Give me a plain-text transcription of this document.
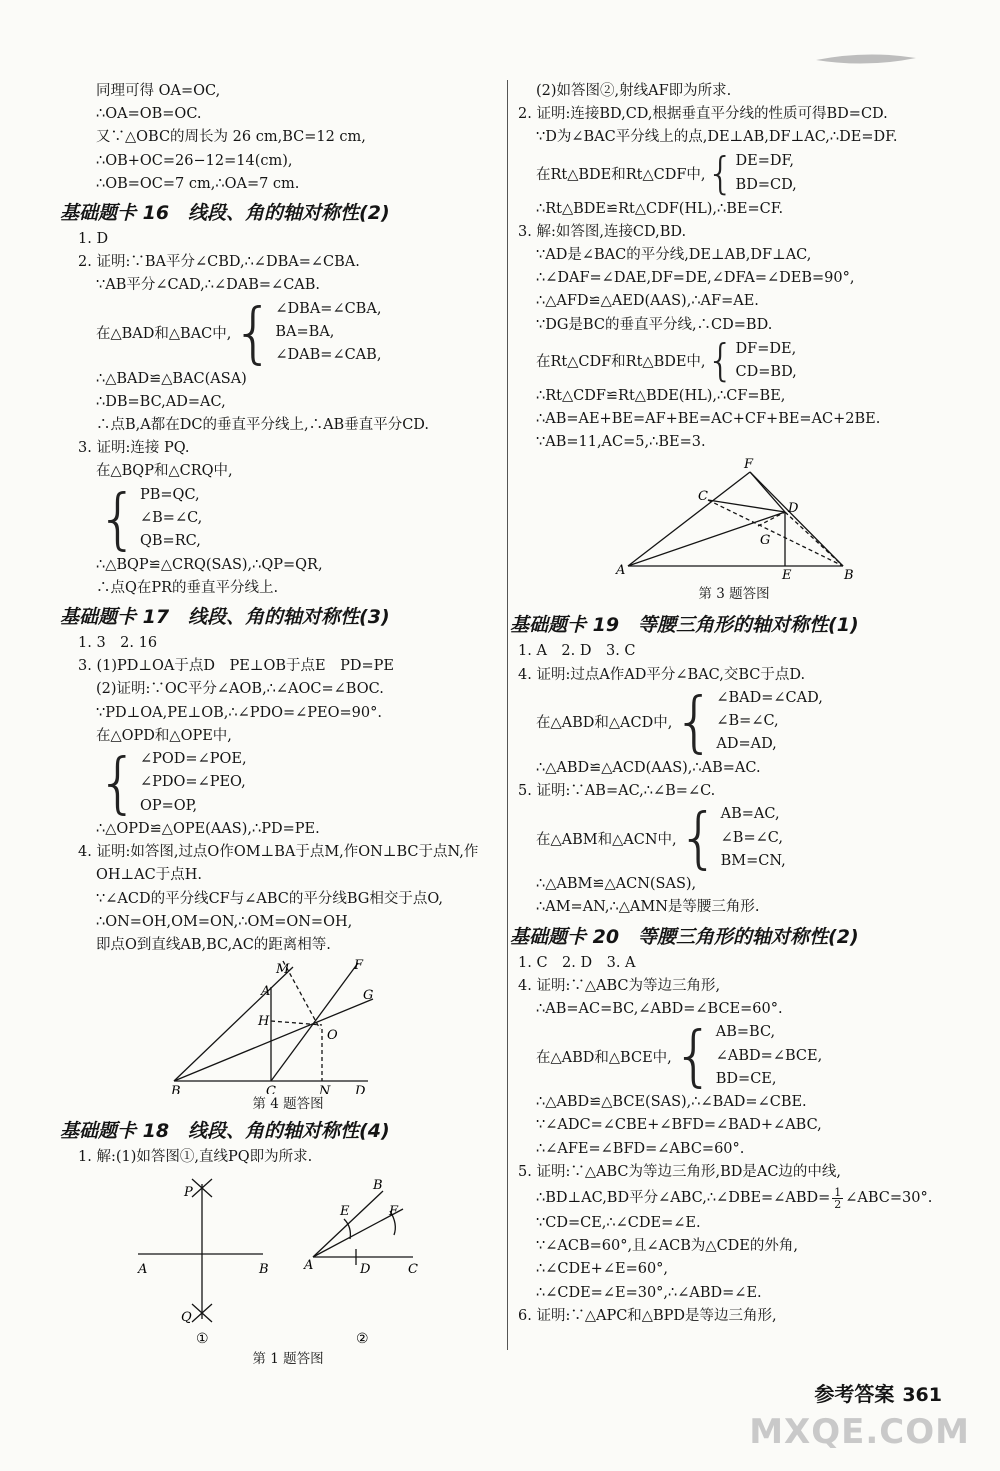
同理可得 OA=OC,
∴OA=OB=OC.
又∵△OBC的周长为 26 cm,BC=12 cm,
∴OB+OC=26−12=14(cm),
∴OB=OC=7 cm,∴OA=7 cm.
基础题卡 16　线段、角的轴对称性(2)
1. D
2. 证明:∵BA平分∠CBD,∴∠DBA=∠CBA.
∵AB平分∠CAD,∴∠DAB=∠CAB.
在△BAD和△BAC中, { ∠DBA=∠CBA,
BA=BA,
∠DAB=∠CAB,
∴△BAD≌△BAC(ASA)
∴DB=BC,AD=AC,
∴点B,A都在DC的垂直平分线上,∴AB垂直平分CD.
3. 证明:连接 PQ.
在△BQP和△CRQ中,
{ PB=QC,
∠B=∠C,
QB=RC,
∴△BQP≌△CRQ(SAS),∴QP=QR,
∴点Q在PR的垂直平分线上.
基础题卡 17　线段、角的轴对称性(3)
1. 3　2. 16
3. (1)PD⊥OA于点D　PE⊥OB于点E　PD=PE
(2)证明:∵OC平分∠AOB,∴∠AOC=∠BOC.
∵PD⊥OA,PE⊥OB,∴∠PDO=∠PEO=90°.
在△OPD和△OPE中,
{ ∠POD=∠POE,
∠PDO=∠PEO,
OP=OP,
∴△OPD≌△OPE(AAS),∴PD=PE.
4. 证明:如答图,过点O作OM⊥BA于点M,作ON⊥BC于点N,作
OH⊥AC于点H.
∵∠ACD的平分线CF与∠ABC的平分线BG相交于点O,
∴ON=OH,OM=ON,∴OM=ON=OH,
即点O到直线AB,BC,AC的距离相等.
M
A
F
G
H
O
B	C	N D
第 4 题答图
基础题卡 18　线段、角的轴对称性(4)
1. 解:(1)如答图①,直线PQ即为所求.
P
A	B
Q
①
B
E	F
A	D	C
②
第 1 题答图
(2)如答图②,射线AF即为所求.
2. 证明:连接BD,CD,根据垂直平分线的性质可得BD=CD.
∵D为∠BAC平分线上的点,DE⊥AB,DF⊥AC,∴DE=DF.
在Rt△BDE和Rt△CDF中, { DE=DF,
BD=CD,
∴Rt△BDE≌Rt△CDF(HL),∴BE=CF.
3. 解:如答图,连接CD,BD.
∵AD是∠BAC的平分线,DE⊥AB,DF⊥AC,
∴∠DAF=∠DAE,DF=DE,∠DFA=∠DEB=90°,
∴△AFD≌△AED(AAS),∴AF=AE.
∵DG是BC的垂直平分线,∴CD=BD.
在Rt△CDF和Rt△BDE中, { DF=DE,
CD=BD,
∴Rt△CDF≌Rt△BDE(HL),∴CF=BE,
∴AB=AE+BE=AF+BE=AC+CF+BE=AC+2BE.
∵AB=11,AC=5,∴BE=3.
F
C
D
G
A	E	B
第 3 题答图
基础题卡 19　等腰三角形的轴对称性(1)
1. A　2. D　3. C
4. 证明:过点A作AD平分∠BAC,交BC于点D.
在△ABD和△ACD中, { ∠BAD=∠CAD,
∠B=∠C,
AD=AD,
∴△ABD≌△ACD(AAS),∴AB=AC.
5. 证明:∵AB=AC,∴∠B=∠C.
在△ABM和△ACN中, { AB=AC,
∠B=∠C,
BM=CN,
∴△ABM≌△ACN(SAS),
∴AM=AN,∴△AMN是等腰三角形.
基础题卡 20　等腰三角形的轴对称性(2)
1. C　2. D　3. A
4. 证明:∵△ABC为等边三角形,
∴AB=AC=BC,∠ABD=∠BCE=60°.
在△ABD和△BCE中, { AB=BC,
∠ABD=∠BCE,
BD=CE,
∴△ABD≌△BCE(SAS),∴∠BAD=∠CBE.
∵∠ADC=∠CBE+∠BFD=∠BAD+∠ABC,
∴∠AFE=∠BFD=∠ABC=60°.
5. 证明:∵△ABC为等边三角形,BD是AC边的中线,
∴BD⊥AC,BD平分∠ABC,∴∠DBE=∠ABD= $\frac{1}{2}$ ∠ABC=30°.
∵CD=CE,∴∠CDE=∠E.
∵∠ACB=60°,且∠ACB为△CDE的外角,
∴∠CDE+∠E=60°,
∴∠CDE=∠E=30°,∴∠ABD=∠E.
6. 证明:∵△APC和△BPD是等边三角形,
参考答案 361
MXQE.COM
